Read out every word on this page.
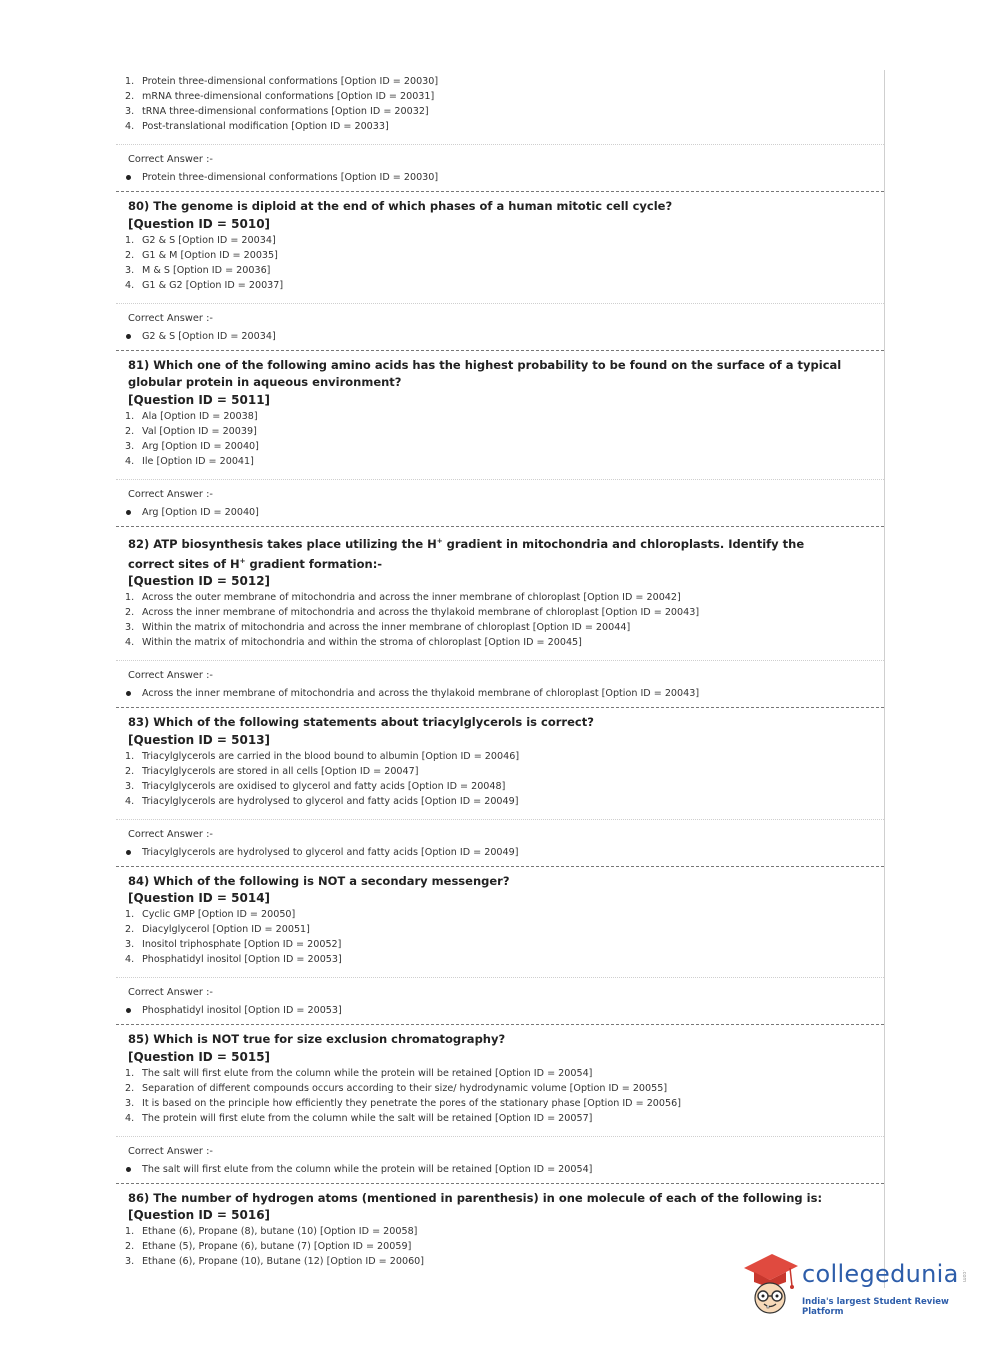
1. Protein three-dimensional conformations [Option ID = 20030]
2. mRNA three-dimensional conformations [Option ID = 20031]
3. tRNA three-dimensional conformations [Option ID = 20032]
4. Post-translational modification [Option ID = 20033]
Correct Answer :-
Protein three-dimensional conformations [Option ID = 20030]
80) The genome is diploid at the end of which phases of a human mitotic cell cycle?
[Question ID = 5010]
1. G2 & S [Option ID = 20034]
2. G1 & M [Option ID = 20035]
3. M & S [Option ID = 20036]
4. G1 & G2 [Option ID = 20037]
Correct Answer :-
G2 & S [Option ID = 20034]
81) Which one of the following amino acids has the highest probability to be found on the surface of a typical globular protein in aqueous environment?
[Question ID = 5011]
1. Ala [Option ID = 20038]
2. Val [Option ID = 20039]
3. Arg [Option ID = 20040]
4. Ile [Option ID = 20041]
Correct Answer :-
Arg [Option ID = 20040]
82) ATP biosynthesis takes place utilizing the H+ gradient in mitochondria and chloroplasts. Identify the correct sites of H+ gradient formation:-
[Question ID = 5012]
1. Across the outer membrane of mitochondria and across the inner membrane of chloroplast [Option ID = 20042]
2. Across the inner membrane of mitochondria and across the thylakoid membrane of chloroplast [Option ID = 20043]
3. Within the matrix of mitochondria and across the inner membrane of chloroplast [Option ID = 20044]
4. Within the matrix of mitochondria and within the stroma of chloroplast [Option ID = 20045]
Correct Answer :-
Across the inner membrane of mitochondria and across the thylakoid membrane of chloroplast [Option ID = 20043]
83) Which of the following statements about triacylglycerols is correct?
[Question ID = 5013]
1. Triacylglycerols are carried in the blood bound to albumin [Option ID = 20046]
2. Triacylglycerols are stored in all cells [Option ID = 20047]
3. Triacylglycerols are oxidised to glycerol and fatty acids [Option ID = 20048]
4. Triacylglycerols are hydrolysed to glycerol and fatty acids [Option ID = 20049]
Correct Answer :-
Triacylglycerols are hydrolysed to glycerol and fatty acids [Option ID = 20049]
84) Which of the following is NOT a secondary messenger?
[Question ID = 5014]
1. Cyclic GMP [Option ID = 20050]
2. Diacylglycerol [Option ID = 20051]
3. Inositol triphosphate [Option ID = 20052]
4. Phosphatidyl inositol [Option ID = 20053]
Correct Answer :-
Phosphatidyl inositol [Option ID = 20053]
85) Which is NOT true for size exclusion chromatography?
[Question ID = 5015]
1. The salt will first elute from the column while the protein will be retained [Option ID = 20054]
2. Separation of different compounds occurs according to their size/ hydrodynamic volume [Option ID = 20055]
3. It is based on the principle how efficiently they penetrate the pores of the stationary phase [Option ID = 20056]
4. The protein will first elute from the column while the salt will be retained [Option ID = 20057]
Correct Answer :-
The salt will first elute from the column while the protein will be retained [Option ID = 20054]
86) The number of hydrogen atoms (mentioned in parenthesis) in one molecule of each of the following is:
[Question ID = 5016]
1. Ethane (6), Propane (8), butane (10) [Option ID = 20058]
2. Ethane (5), Propane (6), butane (7) [Option ID = 20059]
3. Ethane (6), Propane (10), Butane (12) [Option ID = 20060]	collegedunia .com
India's largest Student Review Platform
